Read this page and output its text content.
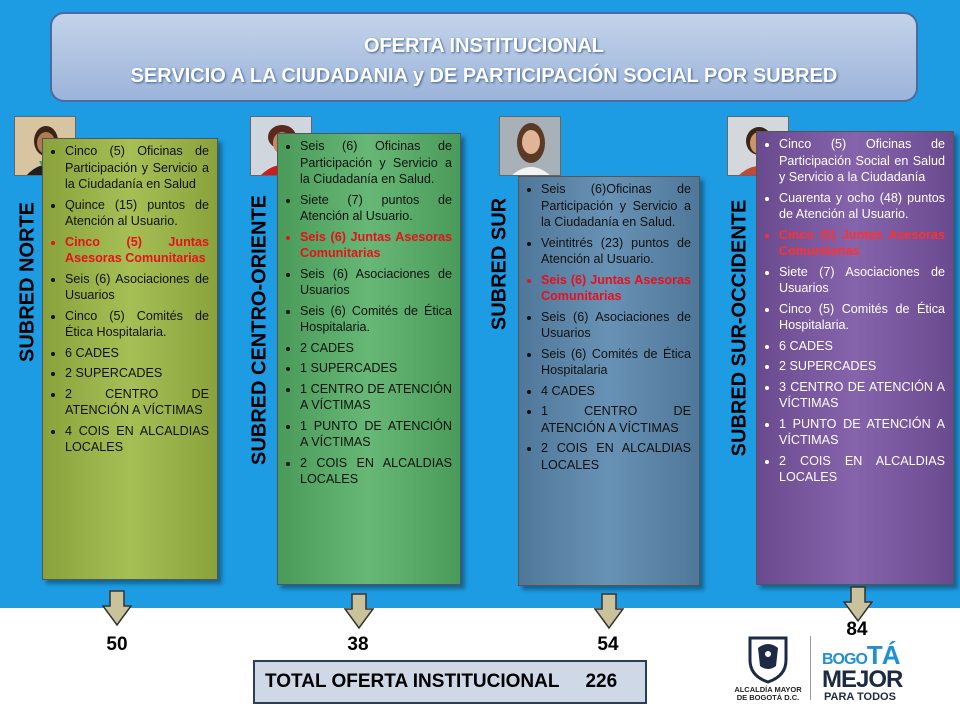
OFERTA INSTITUCIONAL
SERVICIO A LA CIUDADANIA y DE PARTICIPACIÓN SOCIAL POR SUBRED
SUBRED NORTE
• Cinco (5) Oficinas de Participación y Servicio a la Ciudadanía en Salud
• Quince (15) puntos de Atención al Usuario.
• Cinco (5) Juntas Asesoras Comunitarias
• Seis (6) Asociaciones de Usuarios
• Cinco (5) Comités de Ética Hospitalaria.
• 6 CADES
• 2 SUPERCADES
• 2 CENTRO DE ATENCIÓN A VÍCTIMAS
• 4 COIS EN ALCALDIAS LOCALES	SUBRED CENTRO-ORIENTE
• Seis (6) Oficinas de Participación y Servicio a la Ciudadanía en Salud.
• Siete (7) puntos de Atención al Usuario.
• Seis (6) Juntas Asesoras Comunitarias
• Seis (6) Asociaciones de Usuarios
• Seis (6) Comités de Ética Hospitalaria.
• 2 CADES
• 1 SUPERCADES
• 1 CENTRO DE ATENCIÓN A VÍCTIMAS
• 1 PUNTO DE ATENCIÓN A VÍCTIMAS
• 2 COIS EN ALCALDIAS LOCALES
SUBRED SUR
• Seis (6)Oficinas de Participación y Servicio a la Ciudadanía en Salud.
• Veintitrés (23) puntos de Atención al Usuario.
• Seis (6) Juntas Asesoras Comunitarias
• Seis (6) Asociaciones de Usuarios
• Seis (6) Comités de Ética Hospitalaria
• 4 CADES
• 1 CENTRO DE ATENCIÓN A VÍCTIMAS
• 2 COIS EN ALCALDIAS LOCALES
SUBRED SUR-OCCIDENTE
• Cinco (5) Oficinas de Participación Social en Salud y Servicio a la Ciudadanía
• Cuarenta y ocho (48) puntos de Atención al Usuario.
• Cinco (5) Juntas Asesoras Comunitarias
• Siete (7) Asociaciones de Usuarios
• Cinco (5) Comités de Ética Hospitalaria.
• 6 CADES
• 2 SUPERCADES
• 3 CENTRO DE ATENCIÓN A VÍCTIMAS
• 1 PUNTO DE ATENCIÓN A VÍCTIMAS
• 2 COIS EN ALCALDIAS LOCALES
50	38	54
84
TOTAL OFERTA INSTITUCIONAL 226	ALCALDÍA MAYOR DE BOGOTÁ D.C.
BOGOTÁ
MEJOR
PARA TODOS
